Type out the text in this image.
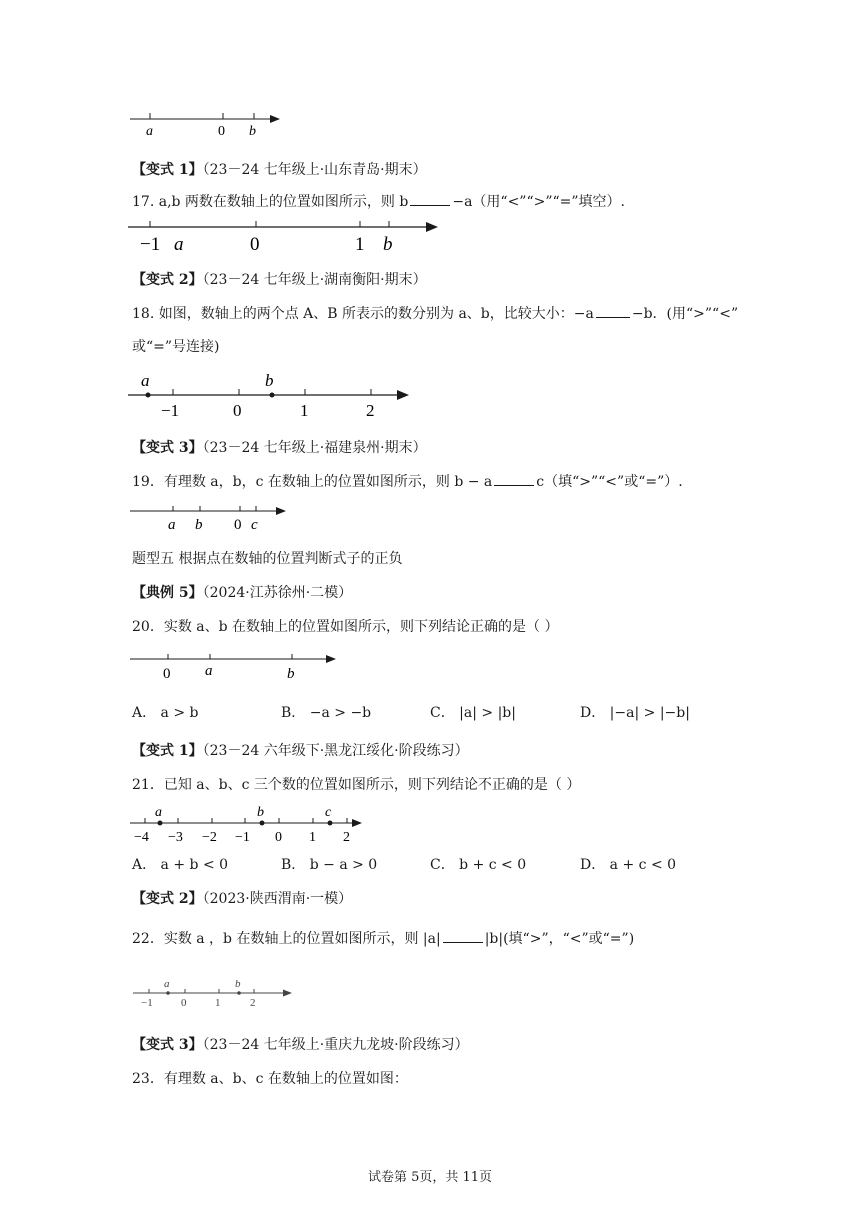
a	0 b
【变式 1】（23－24 七年级上·山东青岛·期末）
17. a,b 两数在数轴上的位置如图所示，则 b	−a（用“<”“>”“=”填空）.
−1 a	0	1 b
【变式 2】（23－24 七年级上·湖南衡阳·期末）
18. 如图，数轴上的两个点 A、B 所表示的数分别为 a、b，比较大小：−a	−b．(用“>”“<”
或“=”号连接)
a	b
−1	0	1	2
【变式 3】（23－24 七年级上·福建泉州·期末）
19．有理数 a，b，c 在数轴上的位置如图所示，则 b − a	c（填“>”“<”或“=”）.
a b 0 c
题型五 根据点在数轴的位置判断式子的正负
【典例 5】（2024·江苏徐州·二模）
20．实数 a、b 在数轴上的位置如图所示，则下列结论正确的是（ ）
0 a	b
A． a > b	B． −a > −b	C． |a| > |b|	D． |−a| > |−b|
【变式 1】（23－24 六年级下·黑龙江绥化·阶段练习）
21．已知 a、b、c 三个数的位置如图所示，则下列结论不正确的是（ ）
a	b	c
−4 −3 −2 −1 0 1 2
A． a + b < 0	B． b − a > 0	C． b + c < 0	D． a + c < 0
【变式 2】（2023·陕西渭南·一模）
22．实数 a ，b 在数轴上的位置如图所示，则 |a|	|b|(填“>”，“<”或“=”)
a	b
−1	0	1	2
【变式 3】（23－24 七年级上·重庆九龙坡·阶段练习）
23．有理数 a、b、c 在数轴上的位置如图：
试卷第 5页，共 11页
